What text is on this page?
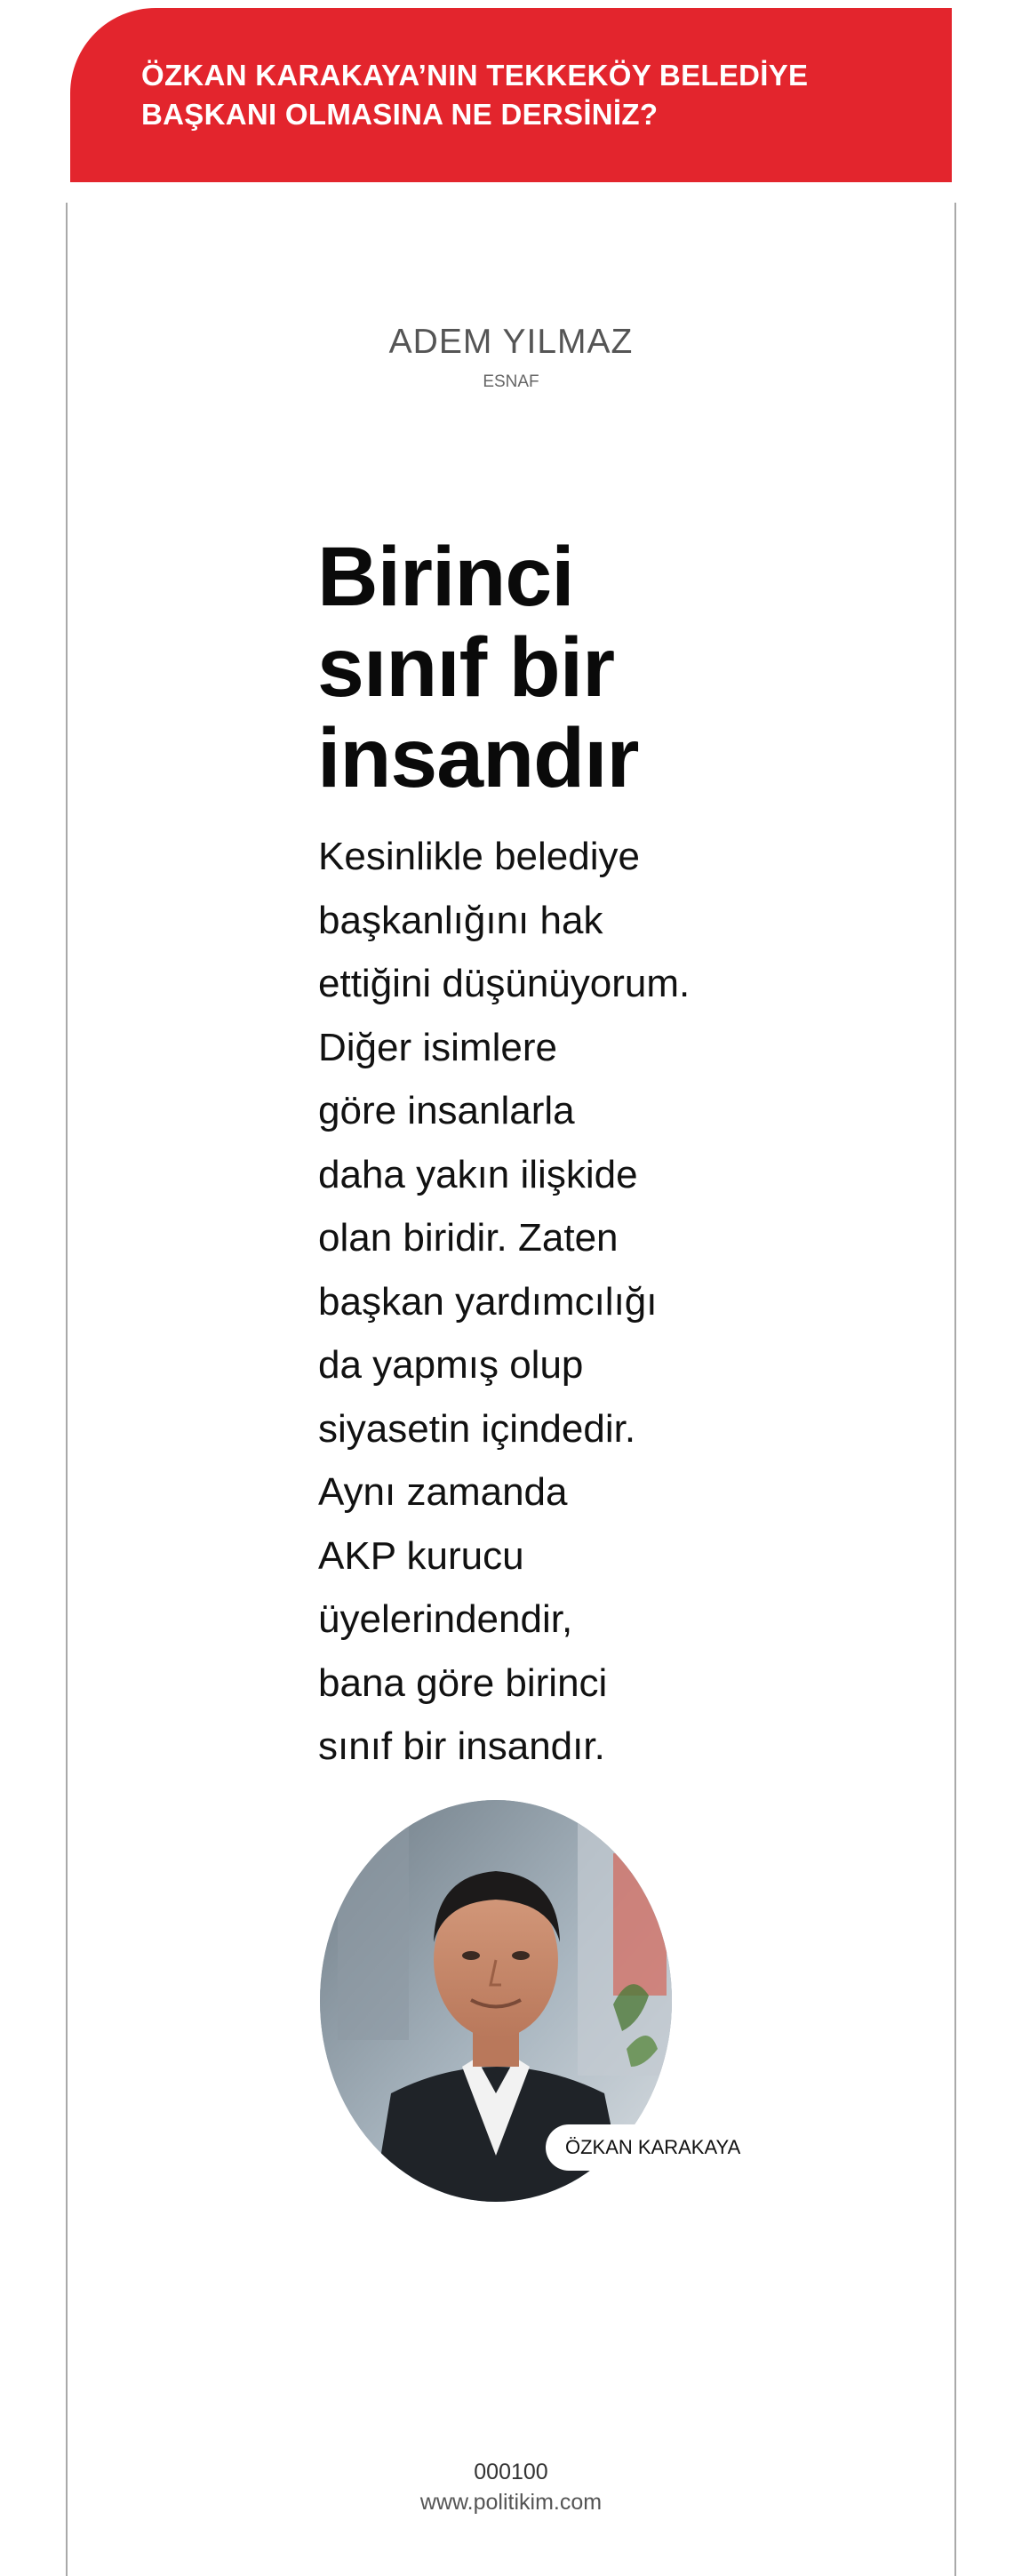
ÖZKAN KARAKAYA’NIN TEKKEKÖY BELEDİYE
BAŞKANI OLMASINA NE DERSİNİZ?
ADEM YILMAZ
ESNAF
Birinci
sınıf bir
insandır
Kesinlikle belediye
başkanlığını hak
ettiğini düşünüyorum.
Diğer isimlere
göre insanlarla
daha yakın ilişkide
olan biridir. Zaten
başkan yardımcılığı
da yapmış olup
siyasetin içindedir.
Aynı zamanda
AKP kurucu
üyelerindendir,
bana göre birinci
sınıf bir insandır.
ÖZKAN KARAKAYA
000100
www.politikim.com
